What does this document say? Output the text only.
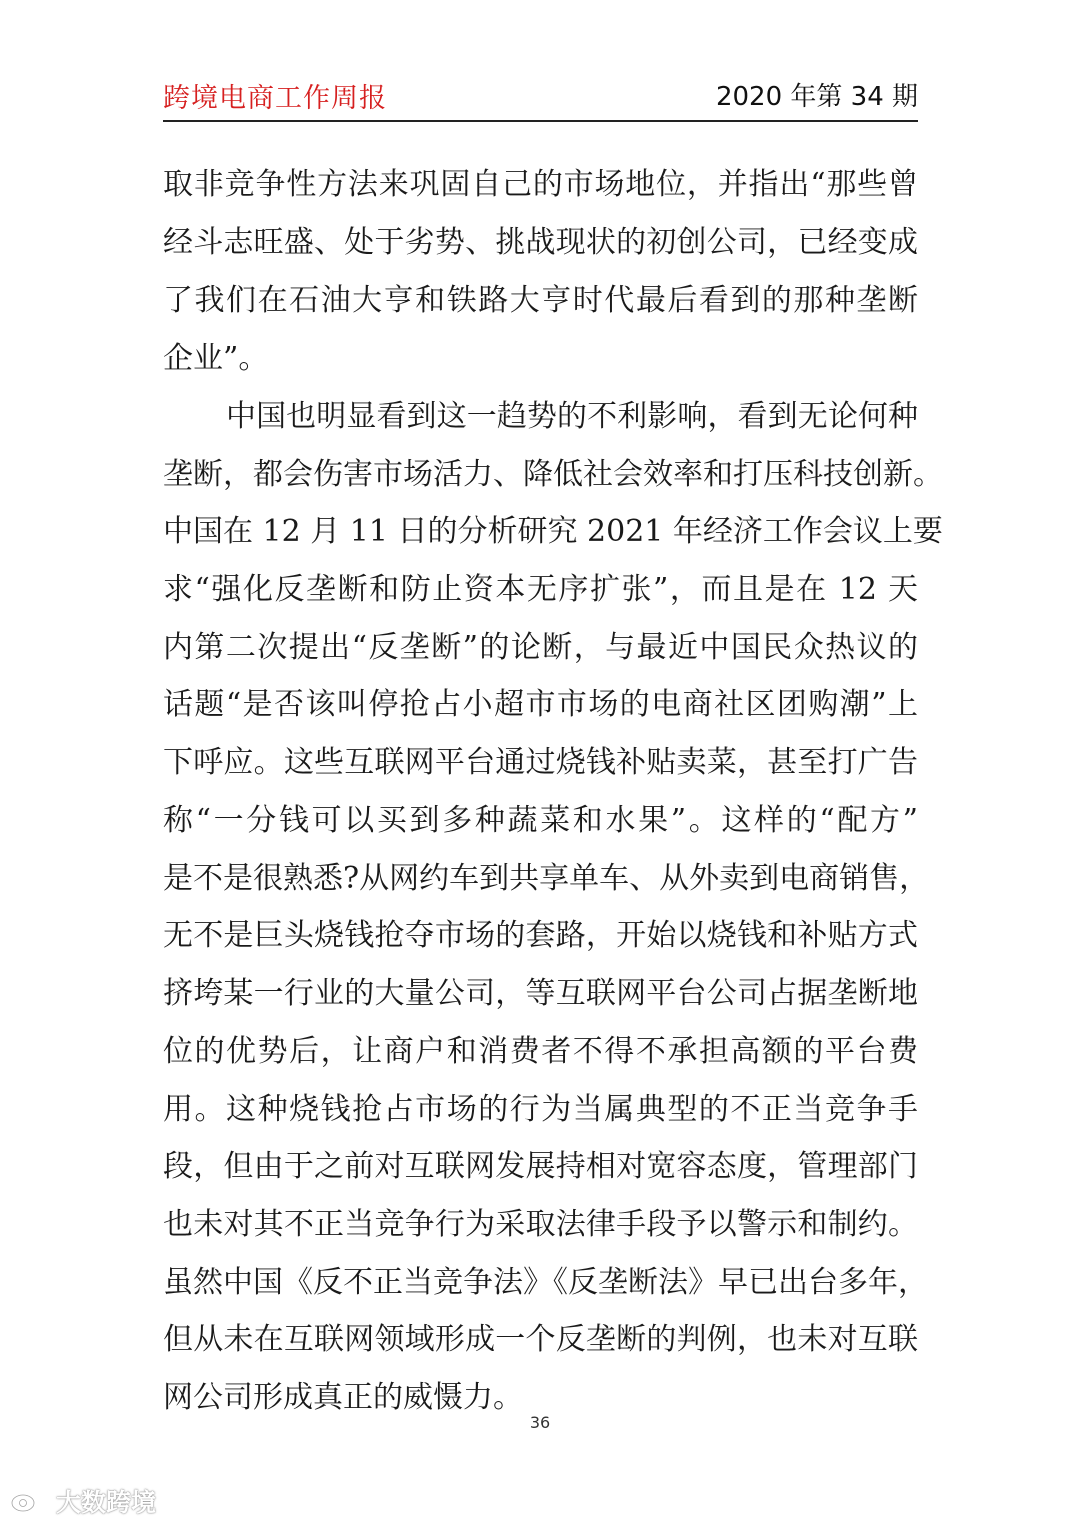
跨境电商工作周报	2020 年第 34 期
取非竞争性方法来巩固自己的市场地位，并指出“那些曾
经斗志旺盛、处于劣势、挑战现状的初创公司，已经变成
了我们在石油大亨和铁路大亨时代最后看到的那种垄断
企业”。
中国也明显看到这一趋势的不利影响，看到无论何种
垄断，都会伤害市场活力、降低社会效率和打压科技创新。
中国在 12 月 11 日的分析研究 2021 年经济工作会议上要
求“强化反垄断和防止资本无序扩张”，而且是在 12 天
内第二次提出“反垄断”的论断，与最近中国民众热议的
话题“是否该叫停抢占小超市市场的电商社区团购潮”上
下呼应。这些互联网平台通过烧钱补贴卖菜，甚至打广告
称“一分钱可以买到多种蔬菜和水果”。这样的“配方”
是不是很熟悉?从网约车到共享单车、从外卖到电商销售，
无不是巨头烧钱抢夺市场的套路，开始以烧钱和补贴方式
挤垮某一行业的大量公司，等互联网平台公司占据垄断地
位的优势后，让商户和消费者不得不承担高额的平台费
用。这种烧钱抢占市场的行为当属典型的不正当竞争手
段，但由于之前对互联网发展持相对宽容态度，管理部门
也未对其不正当竞争行为采取法律手段予以警示和制约。
虽然中国《反不正当竞争法》《反垄断法》早已出台多年，
但从未在互联网领域形成一个反垄断的判例，也未对互联
网公司形成真正的威慑力。
36
大数跨境
